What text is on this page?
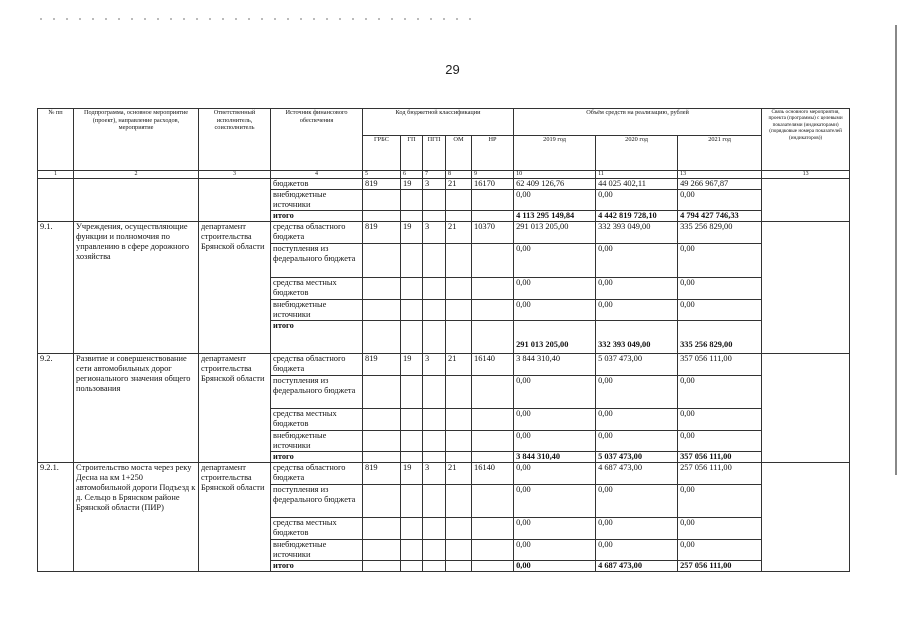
29
№ пп	Подпрограмма, основное мероприятие (проект), направление расходов, мероприятие	Ответственный исполнитель, соисполнитель	Источник финансового обеспечения	Код бюджетной классификации					Объём средств на реализацию, рублей			Связь основного мероприятия, проекта (программы) с целевыми показателями (индикаторами) (порядковые номера показателей (индикаторов))
				ГРБС	ГП	ПГП	ОМ	НР	2019 год	2020 год	2021 год	
1	2	3	4	5	6	7	8	9	10	11	13	13
			бюджетов	819	19	3	21	16170	62 409 126,76	44 025 402,11	49 266 967,87	
			внебюджетные источники						0,00	0,00	0,00	
			итого						4 113 295 149,84	4 442 819 728,10	4 794 427 746,33	
9.1.	Учреждения, осуществляющие функции и полномочия по управлению в сфере дорожного хозяйства	департамент строительства Брянской области	средства областного бюджета	819	19	3	21	10370	291 013 205,00	332 393 049,00	335 256 829,00	
			поступления из федерального бюджета						0,00	0,00	0,00	
			средства местных бюджетов						0,00	0,00	0,00	
			внебюджетные источники						0,00	0,00	0,00	
			итого						291 013 205,00	332 393 049,00	335 256 829,00	
9.2.	Развитие и совершенствование сети автомобильных дорог регионального значения общего пользования	департамент строительства Брянской области	средства областного бюджета	819	19	3	21	16140	3 844 310,40	5 037 473,00	357 056 111,00	
			поступления из федерального бюджета						0,00	0,00	0,00	
			средства местных бюджетов						0,00	0,00	0,00	
			внебюджетные источники						0,00	0,00	0,00	
			итого						3 844 310,40	5 037 473,00	357 056 111,00	
9.2.1.	Строительство моста через реку Десна на км 1+250 автомобильной дороги Подъезд к д. Сельцо в Брянском районе Брянской области (ПИР)	департамент строительства Брянской области	средства областного бюджета	819	19	3	21	16140	0,00	4 687 473,00	257 056 111,00	
			поступления из федерального бюджета						0,00	0,00	0,00	
			средства местных бюджетов						0,00	0,00	0,00	
			внебюджетные источники						0,00	0,00	0,00	
			итого						0,00	4 687 473,00	257 056 111,00	
